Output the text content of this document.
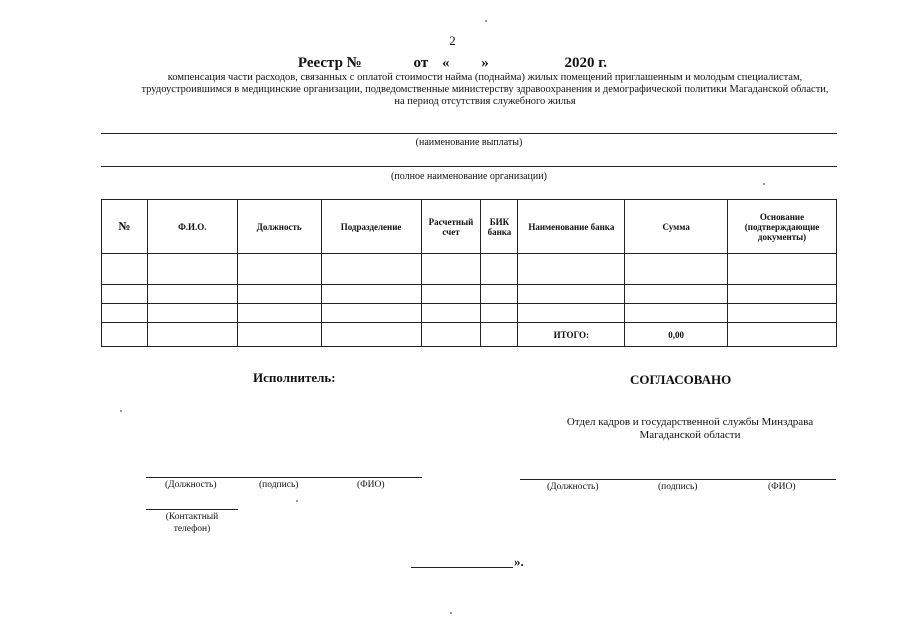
2
Реестр №	от « »	2020 г.
компенсация части расходов, связанных с оплатой стоимости найма (поднайма) жилых помещений приглашенным и молодым специалистам,
трудоустроившимся в медицинские организации, подведомственные министерству здравоохранения и демографической политики Магаданской области,
на период отсутствия служебного жилья
(наименование выплаты)
(полное наименование организации)
№	Ф.И.О.	Должность	Подразделение	Расчетный счет	БИК банка	Наименование банка	Сумма	Основание (подтверждающие документы)

						ИТОГО:	0,00	
Исполнитель:
(Должность)	(подпись)	(ФИО)
(Контактный
телефон)
СОГЛАСОВАНО
Отдел кадров и государственной службы Минздрава
Магаданской области
(Должность)	(подпись)	(ФИО)
».
